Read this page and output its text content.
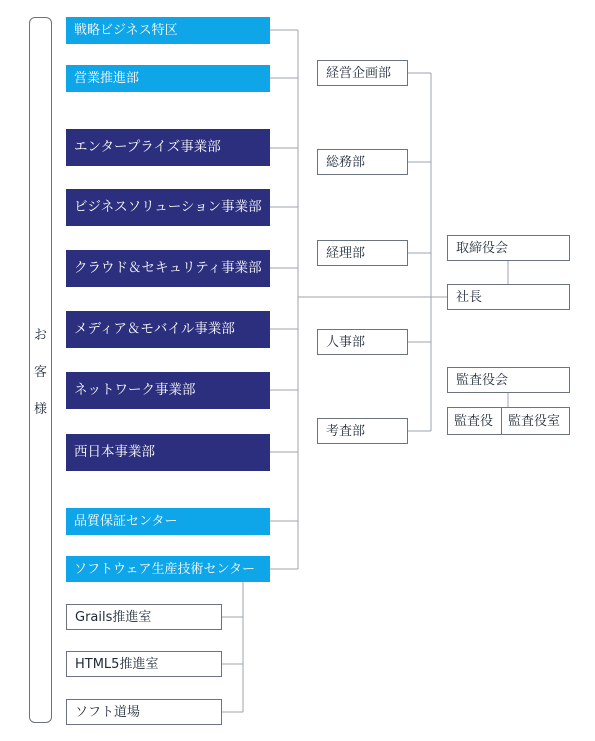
お
客
様
戦略ビジネス特区
営業推進部
エンタープライズ事業部
ビジネスソリューション事業部
クラウド＆セキュリティ事業部
メディア＆モバイル事業部
ネットワーク事業部
西日本事業部
品質保証センター
ソフトウェア生産技術センター
Grails推進室
HTML5推進室
ソフト道場
経営企画部
総務部
経理部
人事部
考査部
取締役会
社長
監査役会
監査役	監査役室
